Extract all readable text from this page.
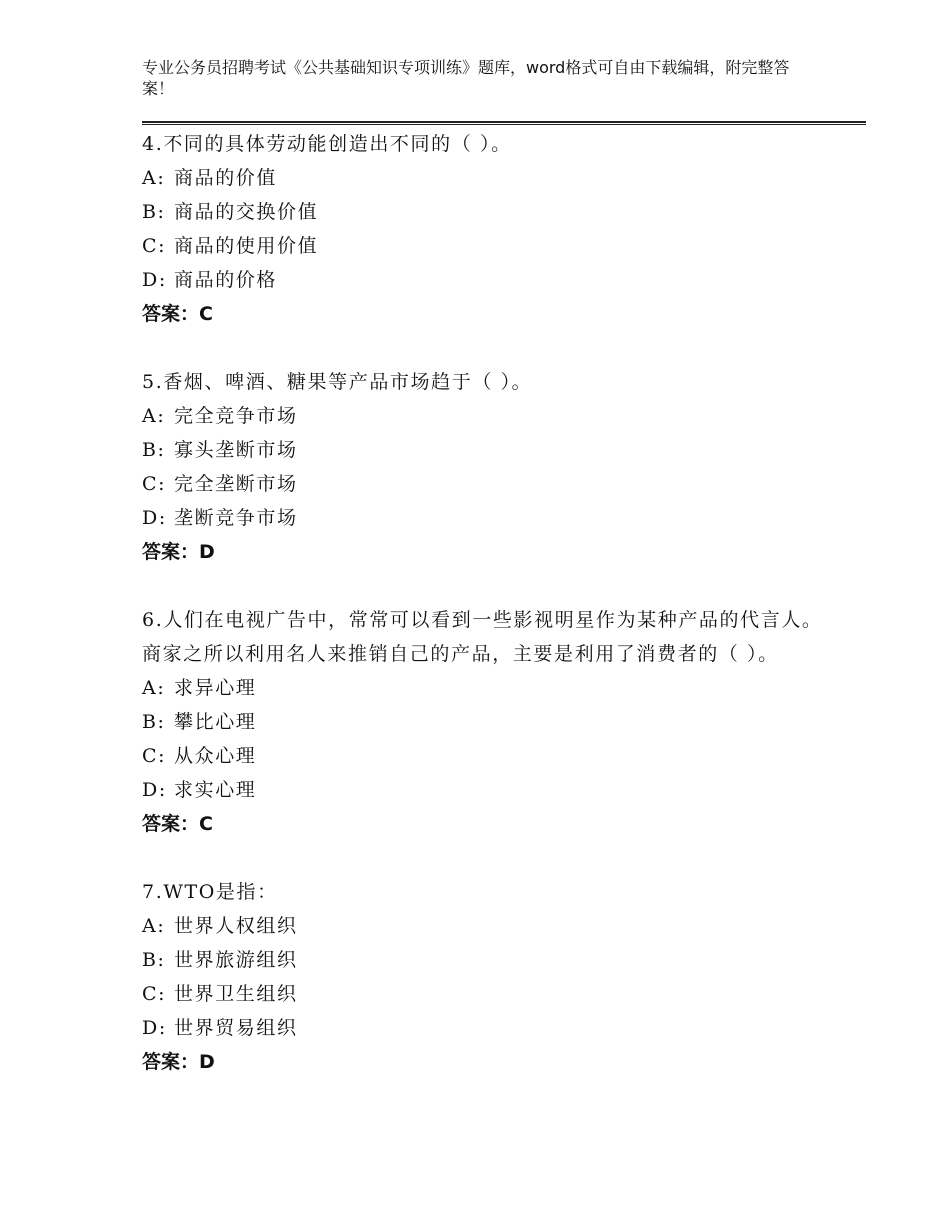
专业公务员招聘考试《公共基础知识专项训练》题库，word格式可自由下载编辑，附完整答案！
4.不同的具体劳动能创造出不同的（ ）。
A: 商品的价值
B: 商品的交换价值
C: 商品的使用价值
D: 商品的价格
答案：C
5.香烟、啤酒、糖果等产品市场趋于（ ）。
A: 完全竞争市场
B: 寡头垄断市场
C: 完全垄断市场
D: 垄断竞争市场
答案：D
6.人们在电视广告中，常常可以看到一些影视明星作为某种产品的代言人。商家之所以利用名人来推销自己的产品，主要是利用了消费者的（ ）。
A: 求异心理
B: 攀比心理
C: 从众心理
D: 求实心理
答案：C
7.WTO是指：
A: 世界人权组织
B: 世界旅游组织
C: 世界卫生组织
D: 世界贸易组织
答案：D
